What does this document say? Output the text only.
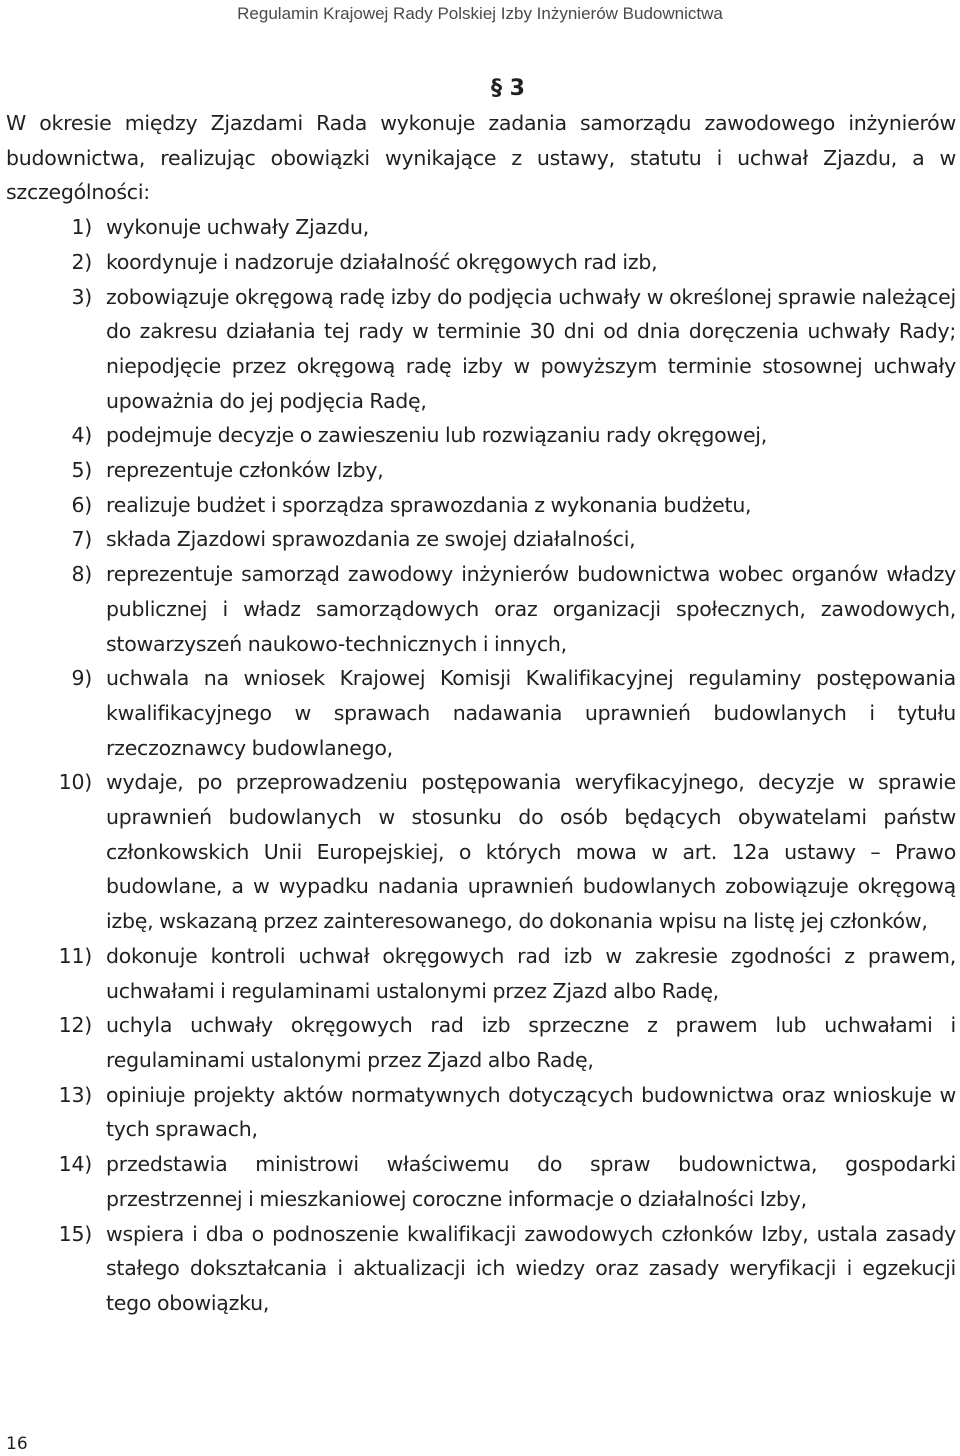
Regulamin Krajowej Rady Polskiej Izby Inżynierów Budownictwa
§ 3

W okresie między Zjazdami Rada wykonuje zadania samorządu zawodowego inżynierów budownictwa, realizując obowiązki wynikające z ustawy, statutu i uchwał Zjazdu, a w szczególności:

1) wykonuje uchwały Zjazdu,
2) koordynuje i nadzoruje działalność okręgowych rad izb,
3) zobowiązuje okręgową radę izby do podjęcia uchwały w określonej sprawie należącej do zakresu działania tej rady w terminie 30 dni od dnia doręczenia uchwały Rady; niepodjęcie przez okręgową radę izby w powyższym terminie stosownej uchwały upoważnia do jej podjęcia Radę,
4) podejmuje decyzje o zawieszeniu lub rozwiązaniu rady okręgowej,
5) reprezentuje członków Izby,
6) realizuje budżet i sporządza sprawozdania z wykonania budżetu,
7) składa Zjazdowi sprawozdania ze swojej działalności,
8) reprezentuje samorząd zawodowy inżynierów budownictwa wobec organów władzy publicznej i władz samorządowych oraz organizacji społecznych, zawodowych, stowarzyszeń naukowo-technicznych i innych,
9) uchwala na wniosek Krajowej Komisji Kwalifikacyjnej regulaminy postępowania kwalifikacyjnego w sprawach nadawania uprawnień budowlanych i tytułu rzeczoznawcy budowlanego,
10) wydaje, po przeprowadzeniu postępowania weryfikacyjnego, decyzje w sprawie uprawnień budowlanych w stosunku do osób będących obywatelami państw członkowskich Unii Europejskiej, o których mowa w art. 12a ustawy – Prawo budowlane, a w wypadku nadania uprawnień budowlanych zobowiązuje okręgową izbę, wskazaną przez zainteresowanego, do dokonania wpisu na listę jej członków,
11) dokonuje kontroli uchwał okręgowych rad izb w zakresie zgodności z prawem, uchwałami i regulaminami ustalonymi przez Zjazd albo Radę,
12) uchyla uchwały okręgowych rad izb sprzeczne z prawem lub uchwałami i regulaminami ustalonymi przez Zjazd albo Radę,
13) opiniuje projekty aktów normatywnych dotyczących budownictwa oraz wnioskuje w tych sprawach,
14) przedstawia ministrowi właściwemu do spraw budownictwa, gospodarki przestrzennej i mieszkaniowej coroczne informacje o działalności Izby,
15) wspiera i dba o podnoszenie kwalifikacji zawodowych członków Izby, ustala zasady stałego dokształcania i aktualizacji ich wiedzy oraz zasady weryfikacji i egzekucji tego obowiązku,
16
